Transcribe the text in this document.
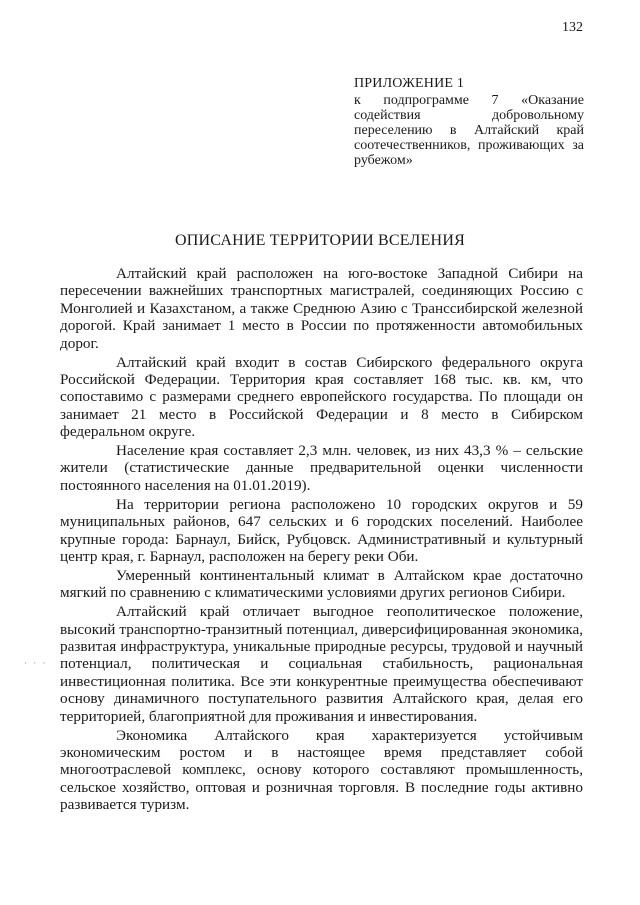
132

ПРИЛОЖЕНИЕ 1

к подпрограмме 7 «Оказание содействия добровольному переселению в Алтайский край соотечественников, проживающих за рубежом»

ОПИСАНИЕ ТЕРРИТОРИИ ВСЕЛЕНИЯ

Алтайский край расположен на юго-востоке Западной Сибири на пересечении важнейших транспортных магистралей, соединяющих Россию с Монголией и Казахстаном, а также Среднюю Азию с Транссибирской железной дорогой. Край занимает 1 место в России по протяженности автомобильных дорог.

Алтайский край входит в состав Сибирского федерального округа Российской Федерации. Территория края составляет 168 тыс. кв. км, что сопоставимо с размерами среднего европейского государства. По площади он занимает 21 место в Российской Федерации и 8 место в Сибирском федеральном округе.

Население края составляет 2,3 млн. человек, из них 43,3 % – сельские жители (статистические данные предварительной оценки численности постоянного населения на 01.01.2019).

На территории региона расположено 10 городских округов и 59 муниципальных районов, 647 сельских и 6 городских поселений. Наиболее крупные города: Барнаул, Бийск, Рубцовск. Административный и культурный центр края, г. Барнаул, расположен на берегу реки Оби.

Умеренный континентальный климат в Алтайском крае достаточно мягкий по сравнению с климатическими условиями других регионов Сибири.

Алтайский край отличает выгодное геополитическое положение, высокий транспортно-транзитный потенциал, диверсифицированная экономика, развитая инфраструктура, уникальные природные ресурсы, трудовой и научный потенциал, политическая и социальная стабильность, рациональная инвестиционная политика. Все эти конкурентные преимущества обеспечивают основу динамичного поступательного развития Алтайского края, делая его территорией, благоприятной для проживания и инвестирования.

Экономика Алтайского края характеризуется устойчивым экономическим ростом и в настоящее время представляет собой многоотраслевой комплекс, основу которого составляют промышленность, сельское хозяйство, оптовая и розничная торговля. В последние годы активно развивается туризм.

· · ·
